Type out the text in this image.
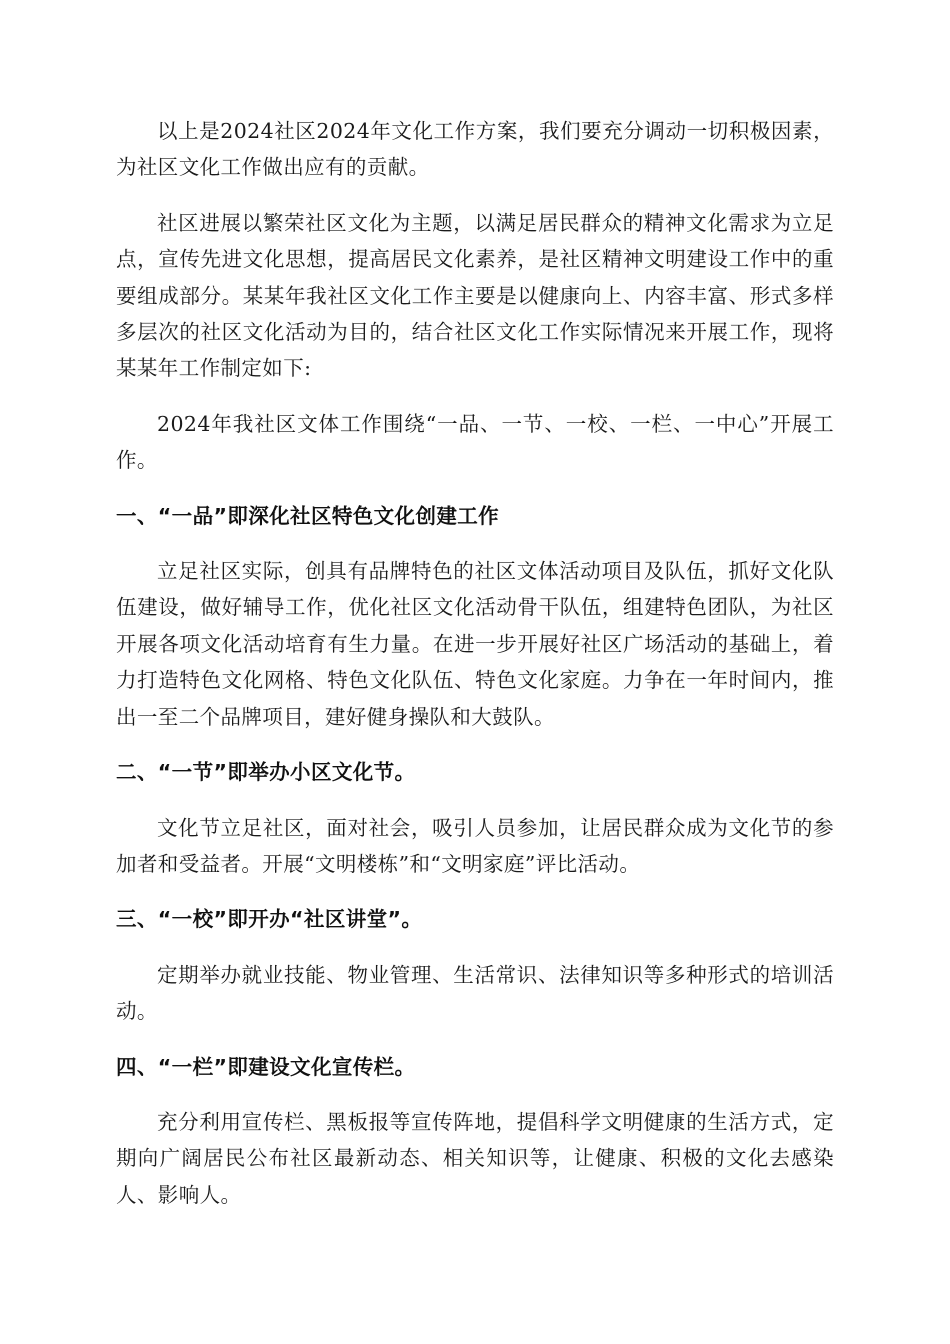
以上是2024社区2024年文化工作方案，我们要充分调动一切积极因素，为社区文化工作做出应有的贡献。

社区进展以繁荣社区文化为主题，以满足居民群众的精神文化需求为立足点，宣传先进文化思想，提高居民文化素养，是社区精神文明建设工作中的重要组成部分。某某年我社区文化工作主要是以健康向上、内容丰富、形式多样多层次的社区文化活动为目的，结合社区文化工作实际情况来开展工作，现将某某年工作制定如下:

2024年我社区文体工作围绕“一品、一节、一校、一栏、一中心”开展工作。

一、“一品”即深化社区特色文化创建工作

立足社区实际，创具有品牌特色的社区文体活动项目及队伍，抓好文化队伍建设，做好辅导工作，优化社区文化活动骨干队伍，组建特色团队，为社区开展各项文化活动培育有生力量。在进一步开展好社区广场活动的基础上，着力打造特色文化网格、特色文化队伍、特色文化家庭。力争在一年时间内，推出一至二个品牌项目，建好健身操队和大鼓队。

二、“一节”即举办小区文化节。

文化节立足社区，面对社会，吸引人员参加，让居民群众成为文化节的参加者和受益者。开展“文明楼栋”和“文明家庭”评比活动。

三、“一校”即开办“社区讲堂”。

定期举办就业技能、物业管理、生活常识、法律知识等多种形式的培训活动。

四、“一栏”即建设文化宣传栏。

充分利用宣传栏、黑板报等宣传阵地，提倡科学文明健康的生活方式，定期向广阔居民公布社区最新动态、相关知识等，让健康、积极的文化去感染人、影响人。
